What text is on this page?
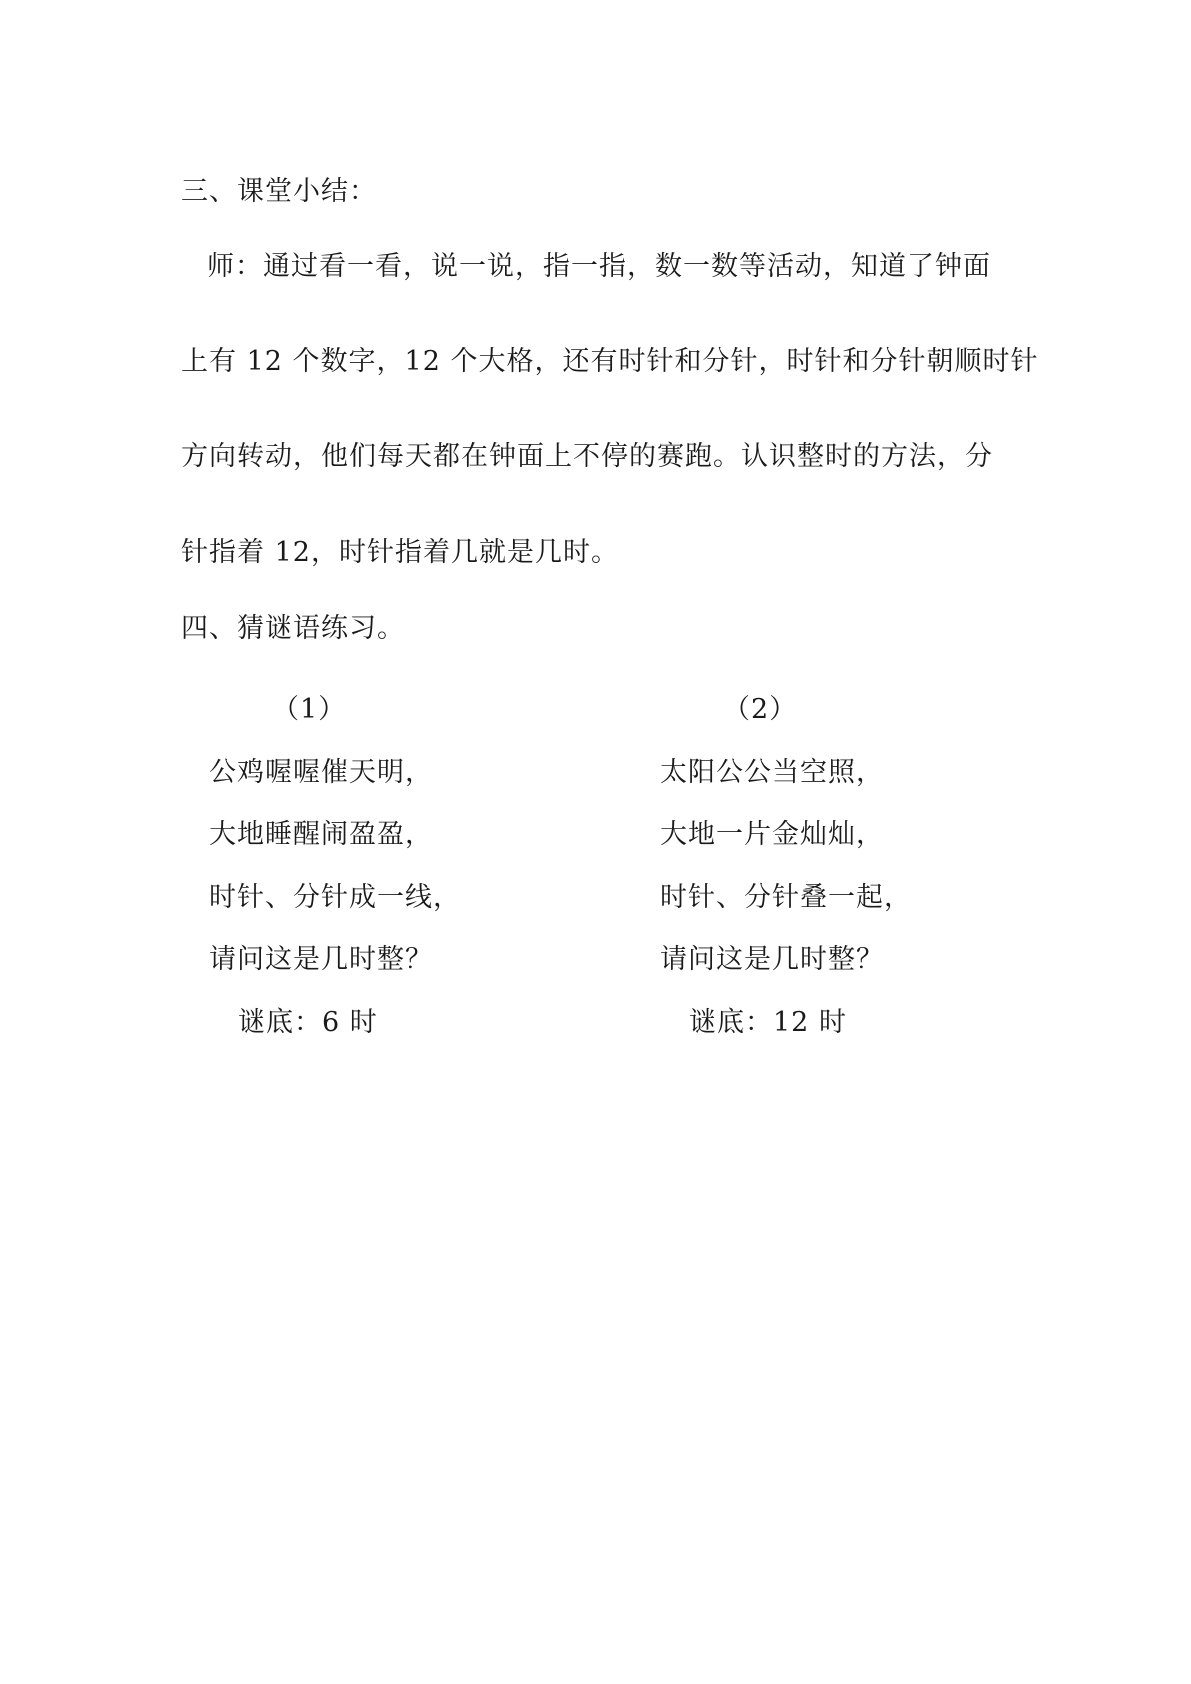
三、课堂小结：
师：通过看一看，说一说，指一指，数一数等活动，知道了钟面
上有 12 个数字，12 个大格，还有时针和分针，时针和分针朝顺时针
方向转动，他们每天都在钟面上不停的赛跑。认识整时的方法，分
针指着 12，时针指着几就是几时。
四、猜谜语练习。
（1）
公鸡喔喔催天明，
大地睡醒闹盈盈，
时针、分针成一线，
请问这是几时整？
谜底：6 时
（2）
太阳公公当空照，
大地一片金灿灿，
时针、分针叠一起，
请问这是几时整？
谜底：12 时
